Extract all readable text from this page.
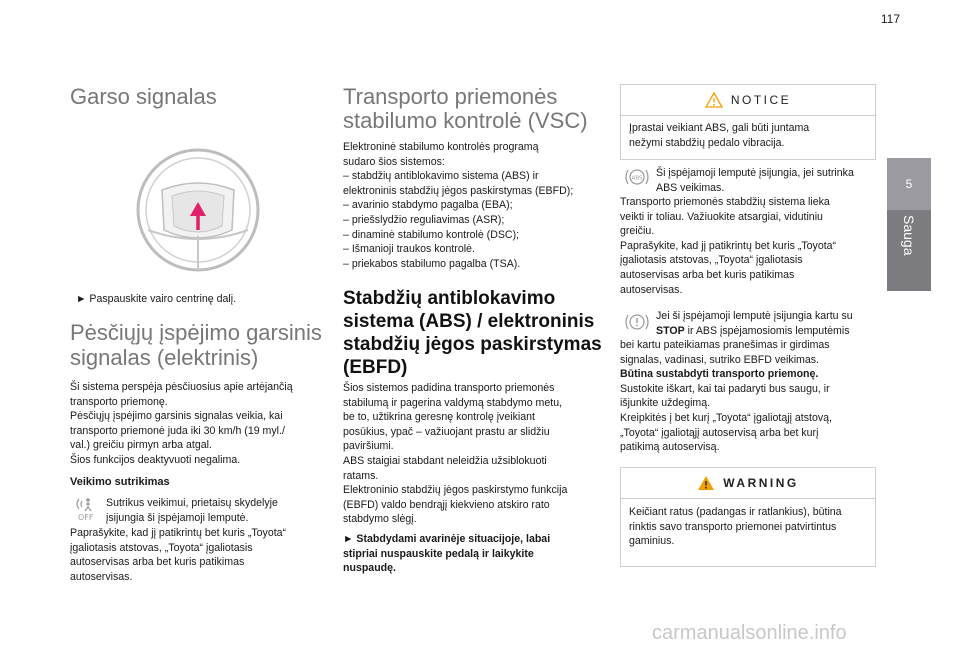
117
5
Sauga
Garso signalas
► Paspauskite vairo centrinę dalį.
Pėsčiųjų įspėjimo garsinis
signalas (elektrinis)
Ši sistema perspėja pėsčiuosius apie artėjančią
transporto priemonę.
Pėsčiųjų įspėjimo garsinis signalas veikia, kai
transporto priemonė juda iki 30 km/h (19 myl./
val.) greičiu pirmyn arba atgal.
Šios funkcijos deaktyvuoti negalima.
Veikimo sutrikimas
OFF
Sutrikus veikimui, prietaisų skydelyje
įsijungia ši įspėjamoji lemputė.
Paprašykite, kad jį patikrintų bet kuris „Toyota“
įgaliotasis atstovas, „Toyota“ įgaliotasis
autoservisas arba bet kuris patikimas
autoservisas.
Transporto priemonės
stabilumo kontrolė (VSC)
Elektroninė stabilumo kontrolės programą
sudaro šios sistemos:
– stabdžių antiblokavimo sistema (ABS) ir
elektroninis stabdžių jėgos paskirstymas (EBFD);
– avarinio stabdymo pagalba (EBA);
– priešslydžio reguliavimas (ASR);
– dinaminė stabilumo kontrolė (DSC);
– Išmanioji traukos kontrolė.
– priekabos stabilumo pagalba (TSA).
Stabdžių antiblokavimo
sistema (ABS) / elektroninis
stabdžių jėgos paskirstymas
(EBFD)
Šios sistemos padidina transporto priemonės
stabilumą ir pagerina valdymą stabdymo metu,
be to, užtikrina geresnę kontrolę įveikiant
posūkius, ypač – važiuojant prastu ar slidžiu
paviršiumi.
ABS staigiai stabdant neleidžia užsiblokuoti
ratams.
Elektroninio stabdžių jėgos paskirstymo funkcija
(EBFD) valdo bendrąjį kiekvieno atskiro rato
stabdymo slėgį.
► Stabdydami avarinėje situacijoje, labai
stipriai nuspauskite pedalą ir laikykite
nuspaudę.
NOTICE
Įprastai veikiant ABS, gali būti juntama
nežymi stabdžių pedalo vibracija.
ABS Ši įspėjamoji lemputė įsijungia, jei sutrinka
ABS veikimas.
Transporto priemonės stabdžių sistema lieka
veikti ir toliau. Važiuokite atsargiai, vidutiniu
greičiu.
Paprašykite, kad jį patikrintų bet kuris „Toyota“
įgaliotasis atstovas, „Toyota“ įgaliotasis
autoservisas arba bet kuris patikimas
autoservisas.
Jei ši įspėjamoji lemputė įsijungia kartu su
STOP ir ABS įspėjamosiomis lemputėmis
bei kartu pateikiamas pranešimas ir girdimas
signalas, vadinasi, sutriko EBFD veikimas.
Būtina sustabdyti transporto priemonę.
Sustokite iškart, kai tai padaryti bus saugu, ir
išjunkite uždegimą.
Kreipkitės į bet kurį „Toyota“ įgaliotąjį atstovą,
„Toyota“ įgaliotąjį autoservisą arba bet kurį
patikimą autoservisą.
WARNING
Keičiant ratus (padangas ir ratlankius), būtina
rinktis savo transporto priemonei patvirtintus
gaminius.
carmanualsonline.info
